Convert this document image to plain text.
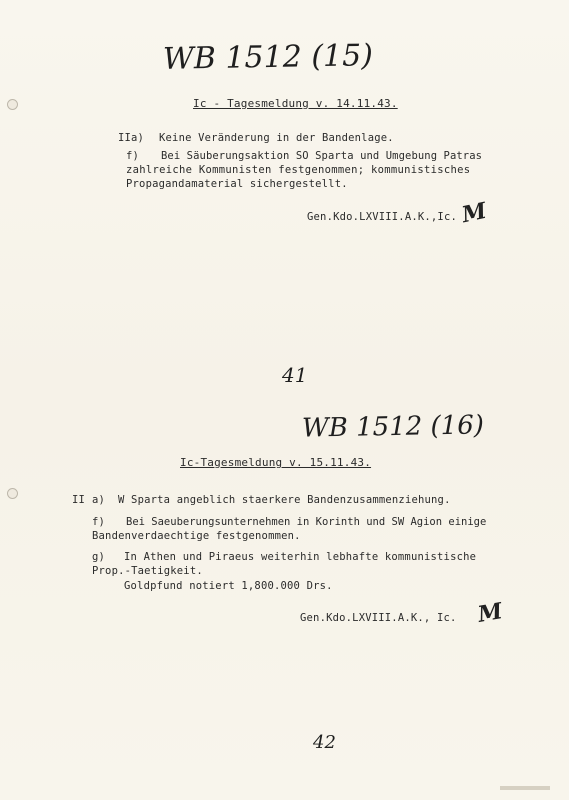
WB 1512 (15)
Ic - Tagesmeldung v. 14.11.43.
II a) Keine Veränderung in der Bandenlage.
f) Bei Säuberungsaktion SO Sparta und Umgebung Patras
zahlreiche Kommunisten festgenommen; kommunistisches
Propagandamaterial sichergestellt.
Gen.Kdo.LXVIII.A.K.,Ic. M
41
WB 1512 (16)
Ic-Tagesmeldung v. 15.11.43.
II a) W Sparta angeblich staerkere Bandenzusammenziehung.
f) Bei Saeuberungsunternehmen in Korinth und SW Agion einige
Bandenverdaechtige festgenommen.
g) In Athen und Piraeus weiterhin lebhafte kommunistische
Prop.-Taetigkeit.
Goldpfund notiert 1,800.000 Drs.
Gen.Kdo.LXVIII.A.K., Ic. M
42
